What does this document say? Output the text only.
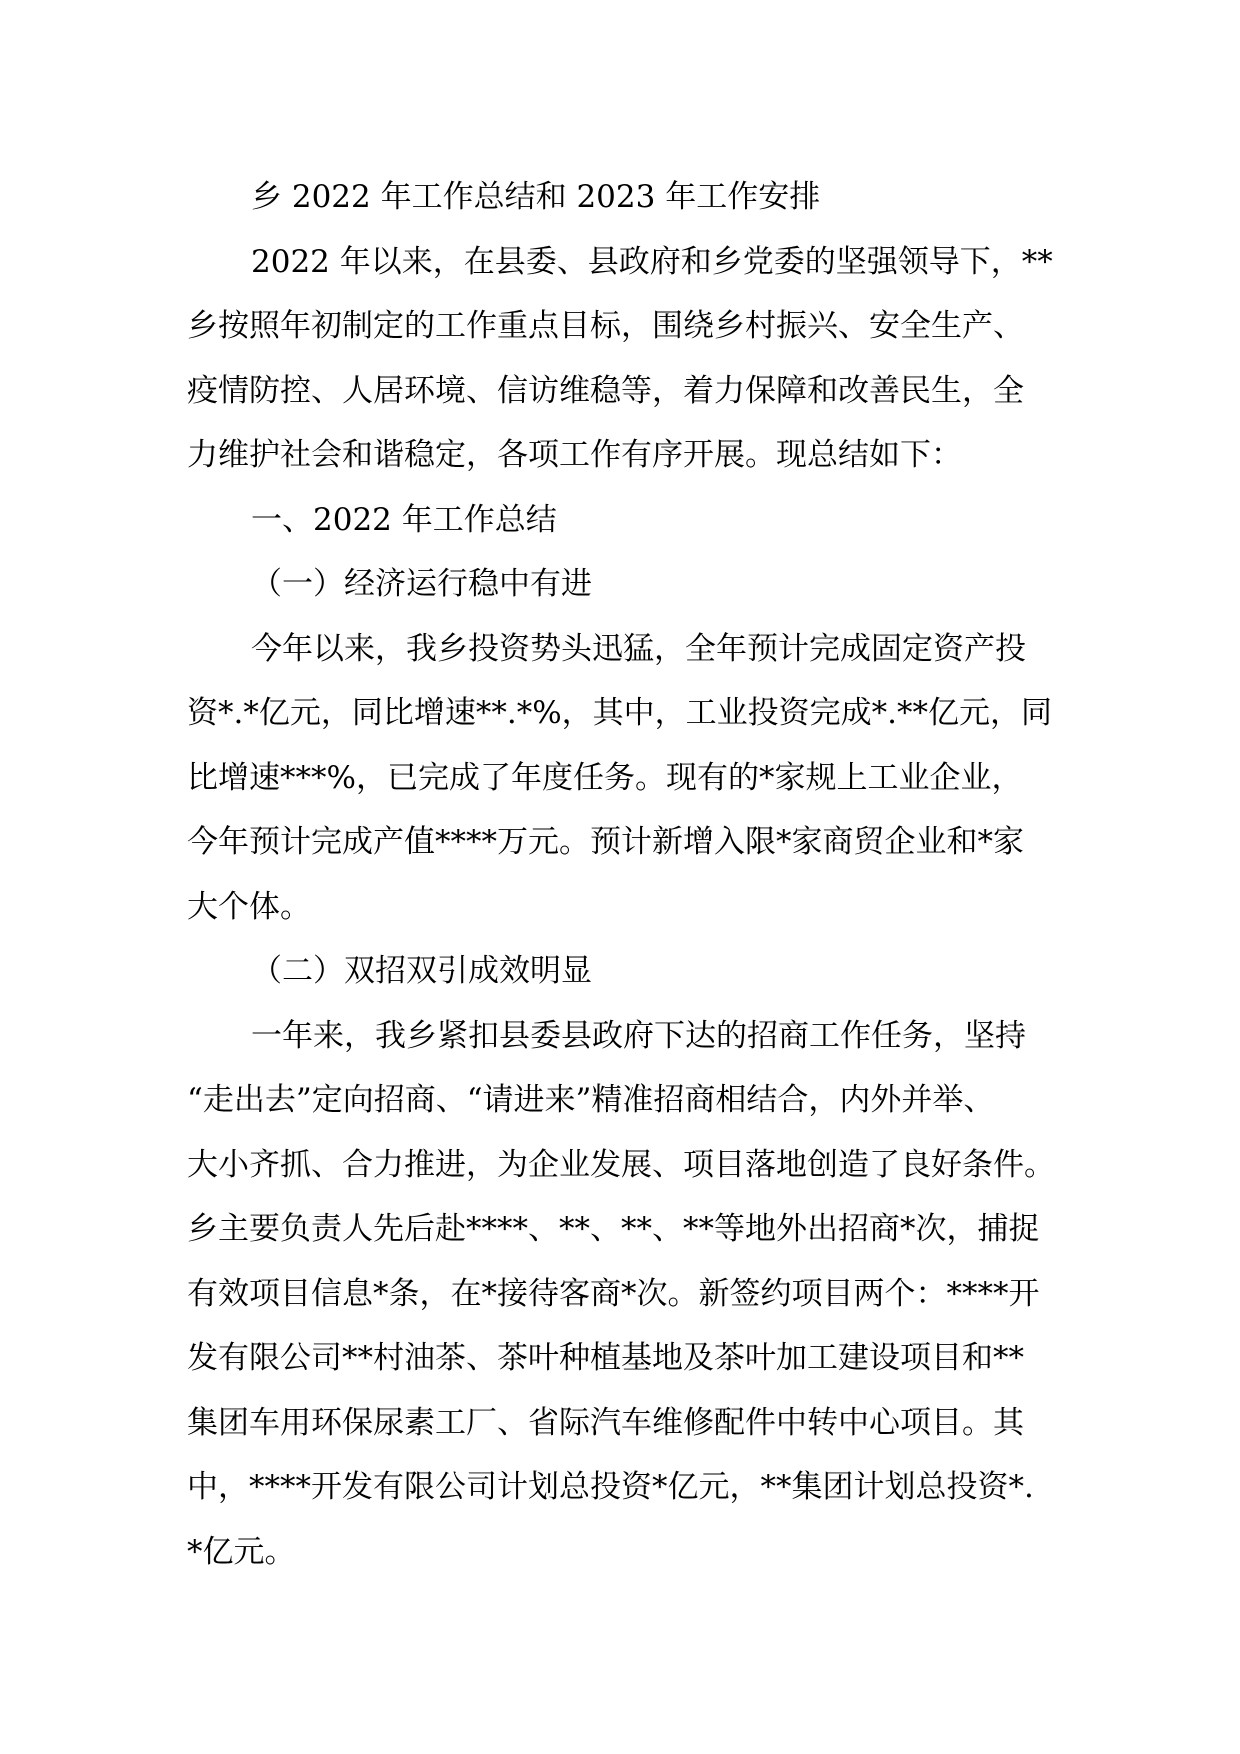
乡 2022 年工作总结和 2023 年工作安排
2022 年以来，在县委、县政府和乡党委的坚强领导下，**
乡按照年初制定的工作重点目标，围绕乡村振兴、安全生产、
疫情防控、人居环境、信访维稳等，着力保障和改善民生，全
力维护社会和谐稳定，各项工作有序开展。现总结如下：
一、2022 年工作总结
（一）经济运行稳中有进
今年以来，我乡投资势头迅猛，全年预计完成固定资产投
资*.*亿元，同比增速**.*%，其中，工业投资完成*.**亿元，同
比增速***%，已完成了年度任务。现有的*家规上工业企业，
今年预计完成产值****万元。预计新增入限*家商贸企业和*家
大个体。
（二）双招双引成效明显
一年来，我乡紧扣县委县政府下达的招商工作任务，坚持
“走出去”定向招商、“请进来”精准招商相结合，内外并举、
大小齐抓、合力推进，为企业发展、项目落地创造了良好条件。
乡主要负责人先后赴****、**、**、**等地外出招商*次，捕捉
有效项目信息*条，在*接待客商*次。新签约项目两个：****开
发有限公司**村油茶、茶叶种植基地及茶叶加工建设项目和**
集团车用环保尿素工厂、省际汽车维修配件中转中心项目。其
中，****开发有限公司计划总投资*亿元，**集团计划总投资*.
*亿元。
